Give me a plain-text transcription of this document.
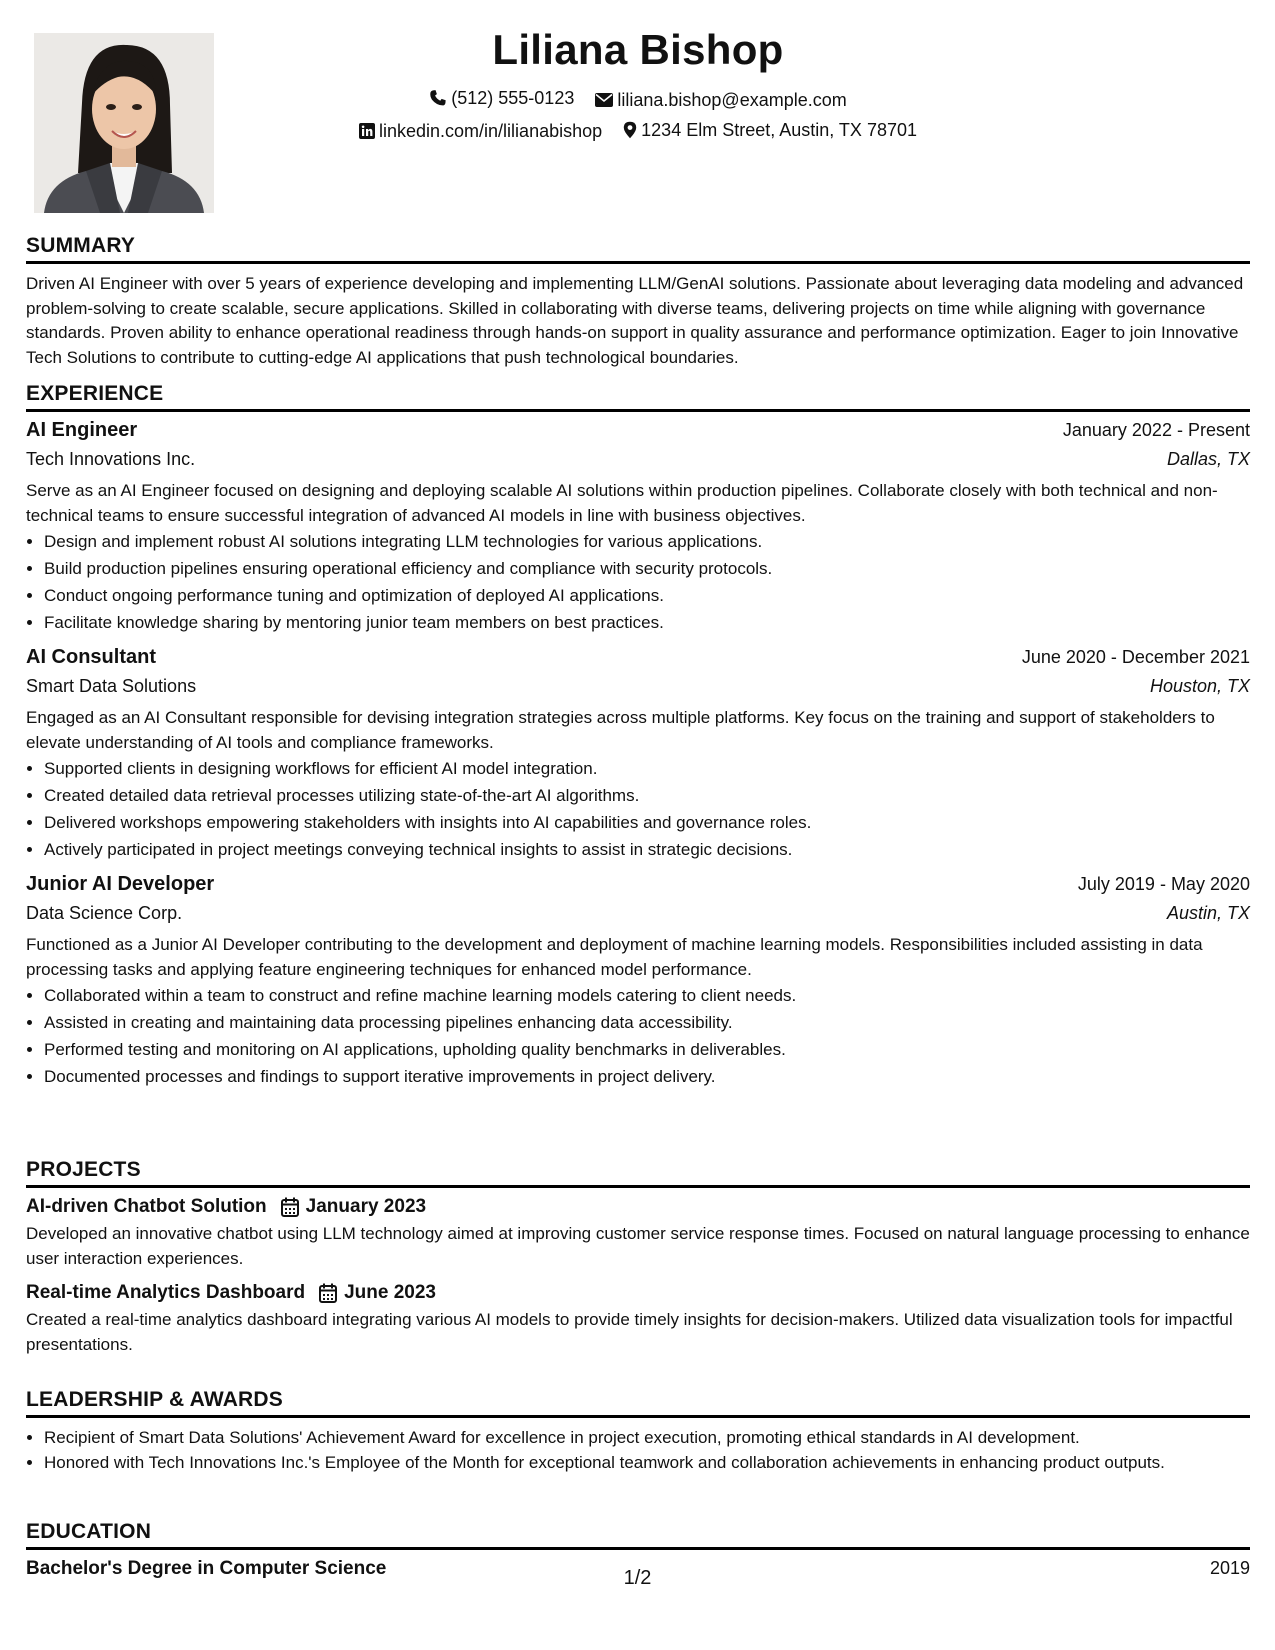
Liliana Bishop
(512) 555-0123
liliana.bishop@example.com
linkedin.com/in/lilianabishop
1234 Elm Street, Austin, TX 78701
SUMMARY
Driven AI Engineer with over 5 years of experience developing and implementing LLM/GenAI solutions. Passionate about leveraging data modeling and advanced problem-solving to create scalable, secure applications. Skilled in collaborating with diverse teams, delivering projects on time while aligning with governance standards. Proven ability to enhance operational readiness through hands-on support in quality assurance and performance optimization. Eager to join Innovative Tech Solutions to contribute to cutting-edge AI applications that push technological boundaries.
EXPERIENCE
AI Engineer	January 2022 - Present
Tech Innovations Inc.	Dallas, TX
Serve as an AI Engineer focused on designing and deploying scalable AI solutions within production pipelines. Collaborate closely with both technical and non-technical teams to ensure successful integration of advanced AI models in line with business objectives.
• Design and implement robust AI solutions integrating LLM technologies for various applications.
• Build production pipelines ensuring operational efficiency and compliance with security protocols.
• Conduct ongoing performance tuning and optimization of deployed AI applications.
• Facilitate knowledge sharing by mentoring junior team members on best practices.
AI Consultant	June 2020 - December 2021
Smart Data Solutions	Houston, TX
Engaged as an AI Consultant responsible for devising integration strategies across multiple platforms. Key focus on the training and support of stakeholders to elevate understanding of AI tools and compliance frameworks.
• Supported clients in designing workflows for efficient AI model integration.
• Created detailed data retrieval processes utilizing state-of-the-art AI algorithms.
• Delivered workshops empowering stakeholders with insights into AI capabilities and governance roles.
• Actively participated in project meetings conveying technical insights to assist in strategic decisions.
Junior AI Developer	July 2019 - May 2020
Data Science Corp.	Austin, TX
Functioned as a Junior AI Developer contributing to the development and deployment of machine learning models. Responsibilities included assisting in data processing tasks and applying feature engineering techniques for enhanced model performance.
• Collaborated within a team to construct and refine machine learning models catering to client needs.
• Assisted in creating and maintaining data processing pipelines enhancing data accessibility.
• Performed testing and monitoring on AI applications, upholding quality benchmarks in deliverables.
• Documented processes and findings to support iterative improvements in project delivery.
PROJECTS
AI-driven Chatbot Solution January 2023
Developed an innovative chatbot using LLM technology aimed at improving customer service response times. Focused on natural language processing to enhance user interaction experiences.
Real-time Analytics Dashboard June 2023
Created a real-time analytics dashboard integrating various AI models to provide timely insights for decision-makers. Utilized data visualization tools for impactful presentations.
LEADERSHIP & AWARDS
• Recipient of Smart Data Solutions' Achievement Award for excellence in project execution, promoting ethical standards in AI development.
• Honored with Tech Innovations Inc.'s Employee of the Month for exceptional teamwork and collaboration achievements in enhancing product outputs.
EDUCATION
Bachelor's Degree in Computer Science	2019
1/2
